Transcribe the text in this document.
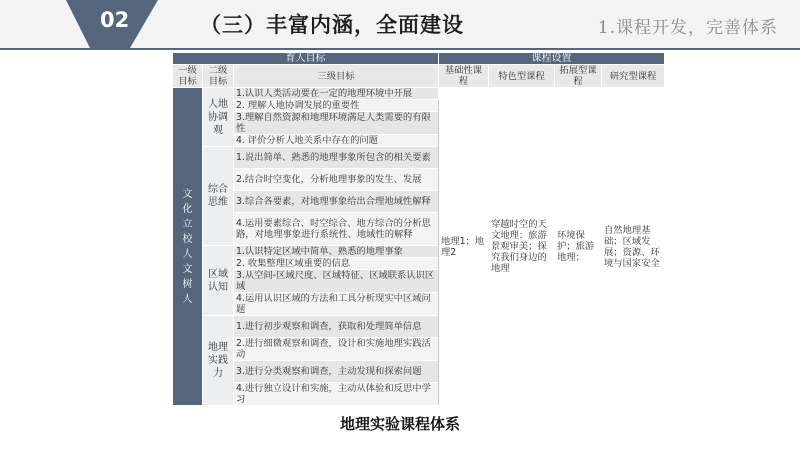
02	（三）丰富内涵，全面建设	1.课程开发，完善体系
育人目标			课程设置			
一级目标	二级目标	三级目标	基础性课程	特色型课程	拓展型课程	研究型课程
文化立校 人文树人	人地协调观	1.认识人类活动要在一定的地理环境中开展	地理1；地理2	穿越时空的天文地理；旅游景观审美；探究我们身边的地理	环境保护；旅游地理；	自然地理基础；区域发展；资源、环境与国家安全
		2. 理解人地协调发展的重要性				
		3.理解自然资源和地理环境满足人类需要的有限性				
		4. 评价分析人地关系中存在的问题				
	综合思维	1.说出简单、熟悉的地理事象所包含的相关要素				
		2.结合时空变化，分析地理事象的发生、发展				
		3.综合各要素，对地理事象给出合理地域性解释				
		4.运用要素综合、时空综合、地方综合的分析思路，对地理事象进行系统性、地域性的解释				
	区域认知	1.认识特定区域中简单、熟悉的地理事象				
		2. 收集整理区域重要的信息				
		3.从空间-区域尺度、区域特征、区域联系认识区域				
		4.运用认识区域的方法和工具分析现实中区域问题				
	地理实践力	1.进行初步观察和调查，获取和处理简单信息				
		2.进行细微观察和调查，设计和实施地理实践活动				
		3.进行分类观察和调查，主动发现和探索问题				
		4.进行独立设计和实施，主动从体验和反思中学习				
地理实验课程体系
